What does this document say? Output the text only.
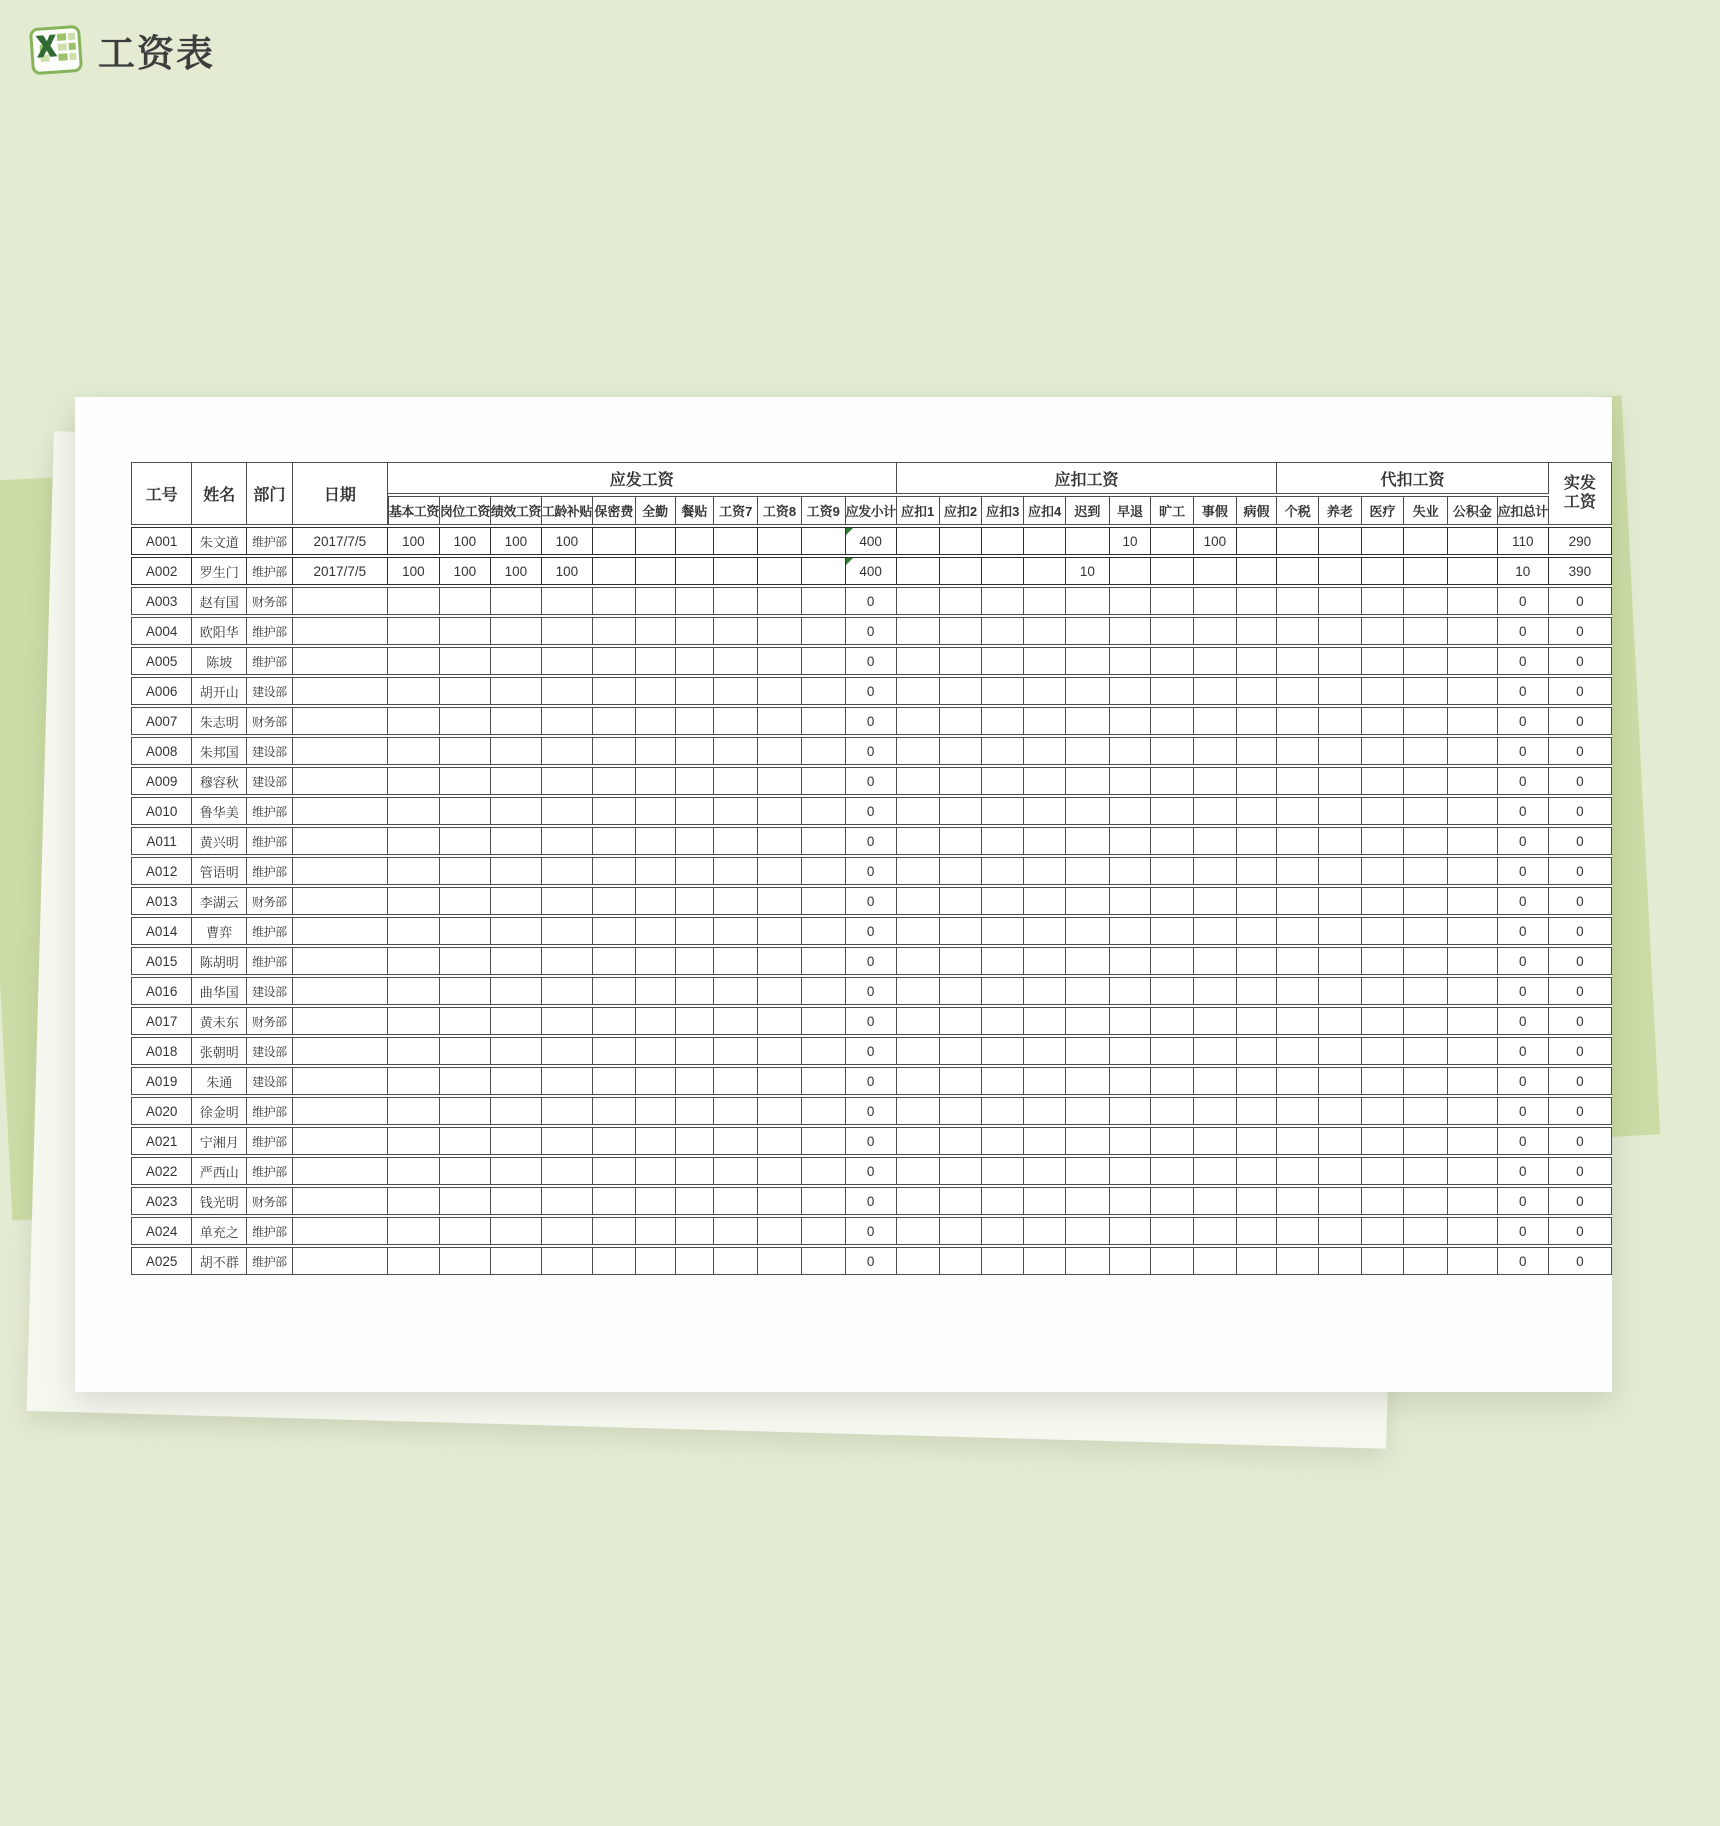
工资表
工号	姓名	部门	日期	应发工资											应扣工资									代扣工资						实发
工资
				基本工资	岗位工资	绩效工资	工龄补贴	保密费	全勤	餐贴	工资7	工资8	工资9	应发小计	应扣1	应扣2	应扣3	应扣4	迟到	早退	旷工	事假	病假	个税	养老	医疗	失业	公积金	应扣总计	
A001	朱文道	维护部	2017/7/5	100	100	100	100							400						10		100							110	290
A002	罗生门	维护部	2017/7/5	100	100	100	100							400					10										10	390
A003	赵有国	财务部												0															0	0
A004	欧阳华	维护部												0															0	0
A005	陈坡	维护部												0															0	0
A006	胡开山	建设部												0															0	0
A007	朱志明	财务部												0															0	0
A008	朱邦国	建设部												0															0	0
A009	穆容秋	建设部												0															0	0
A010	鲁华美	维护部												0															0	0
A011	黄兴明	维护部												0															0	0
A012	管语明	维护部												0															0	0
A013	李湖云	财务部												0															0	0
A014	曹弈	维护部												0															0	0
A015	陈胡明	维护部												0															0	0
A016	曲华国	建设部												0															0	0
A017	黄未东	财务部												0															0	0
A018	张朝明	建设部												0															0	0
A019	朱通	建设部												0															0	0
A020	徐金明	维护部												0															0	0
A021	宁湘月	维护部												0															0	0
A022	严西山	维护部												0															0	0
A023	钱光明	财务部												0															0	0
A024	单充之	维护部												0															0	0
A025	胡不群	维护部												0															0	0
